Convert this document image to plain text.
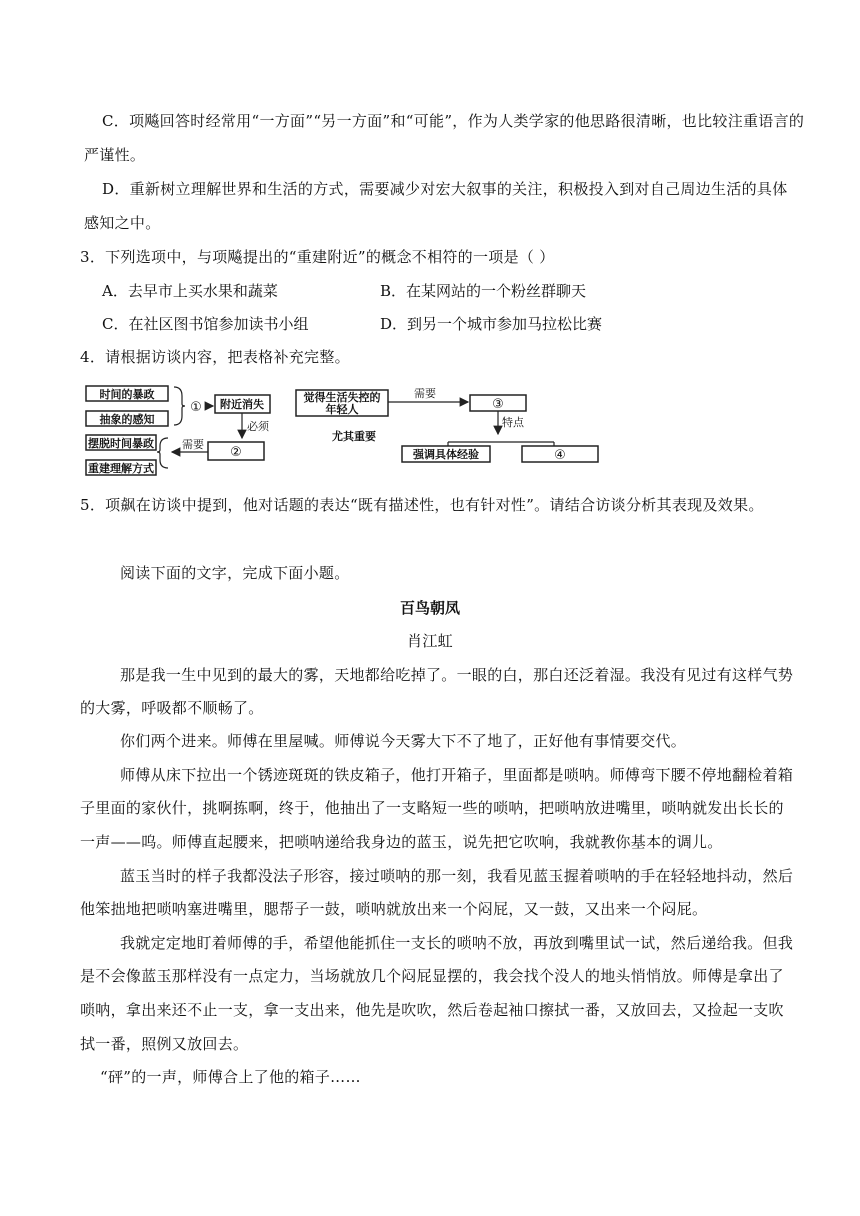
C．项飚回答时经常用“一方面”“另一方面”和“可能”，作为人类学家的他思路很清晰，也比较注重语言的
严谨性。
D．重新树立理解世界和生活的方式，需要减少对宏大叙事的关注，积极投入到对自己周边生活的具体
感知之中。
3．下列选项中，与项飚提出的“重建附近”的概念不相符的一项是（ ）
A．去早市上买水果和蔬菜	B．在某网站的一个粉丝群聊天
C．在社区图书馆参加读书小组	D．到另一个城市参加马拉松比赛
4．请根据访谈内容，把表格补充完整。
时间的暴政
抽象的感知
① 附近消失
必须
②
需要
摆脱时间暴政
重建理解方式
觉得生活失控的
年轻人
需要
③
特点
尤其重要
强调具体经验	④
5．项飙在访谈中提到，他对话题的表达“既有描述性，也有针对性”。请结合访谈分析其表现及效果。
阅读下面的文字，完成下面小题。
百鸟朝凤
肖江虹
那是我一生中见到的最大的雾，天地都给吃掉了。一眼的白，那白还泛着湿。我没有见过有这样气势
的大雾，呼吸都不顺畅了。
你们两个进来。师傅在里屋喊。师傅说今天雾大下不了地了，正好他有事情要交代。
师傅从床下拉出一个锈迹斑斑的铁皮箱子，他打开箱子，里面都是唢呐。师傅弯下腰不停地翻检着箱
子里面的家伙什，挑啊拣啊，终于，他抽出了一支略短一些的唢呐，把唢呐放进嘴里，唢呐就发出长长的
一声——呜。师傅直起腰来，把唢呐递给我身边的蓝玉，说先把它吹响，我就教你基本的调儿。
蓝玉当时的样子我都没法子形容，接过唢呐的那一刻，我看见蓝玉握着唢呐的手在轻轻地抖动，然后
他笨拙地把唢呐塞进嘴里，腮帮子一鼓，唢呐就放出来一个闷屁，又一鼓，又出来一个闷屁。
我就定定地盯着师傅的手，希望他能抓住一支长的唢呐不放，再放到嘴里试一试，然后递给我。但我
是不会像蓝玉那样没有一点定力，当场就放几个闷屁显摆的，我会找个没人的地头悄悄放。师傅是拿出了
唢呐，拿出来还不止一支，拿一支出来，他先是吹吹，然后卷起袖口擦拭一番，又放回去，又捡起一支吹
拭一番，照例又放回去。
“砰”的一声，师傅合上了他的箱子……
